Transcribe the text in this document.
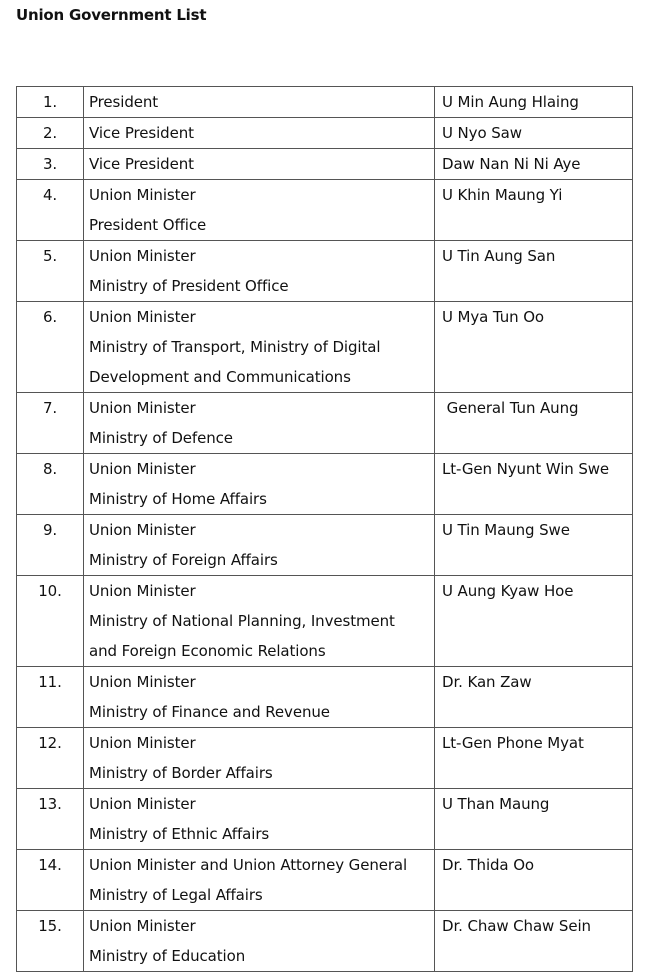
Union Government List
1.	President	U Min Aung Hlaing

2.	Vice President	U Nyo Saw

3.	Vice President	Daw Nan Ni Ni Aye

4.	Union Minister
President Office	U Khin Maung Yi

5.	Union Minister
Ministry of President Office	U Tin Aung San

6.	Union Minister
Ministry of Transport, Ministry of Digital
Development and Communications	U Mya Tun Oo

7.	Union Minister
Ministry of Defence	General Tun Aung

8.	Union Minister
Ministry of Home Affairs	Lt-Gen Nyunt Win Swe

9.	Union Minister
Ministry of Foreign Affairs	U Tin Maung Swe

10.	Union Minister
Ministry of National Planning, Investment
and Foreign Economic Relations	U Aung Kyaw Hoe

11.	Union Minister
Ministry of Finance and Revenue	Dr. Kan Zaw

12.	Union Minister
Ministry of Border Affairs	Lt-Gen Phone Myat

13.	Union Minister
Ministry of Ethnic Affairs	U Than Maung

14.	Union Minister and Union Attorney General
Ministry of Legal Affairs	Dr. Thida Oo

15.	Union Minister
Ministry of Education	Dr. Chaw Chaw Sein
